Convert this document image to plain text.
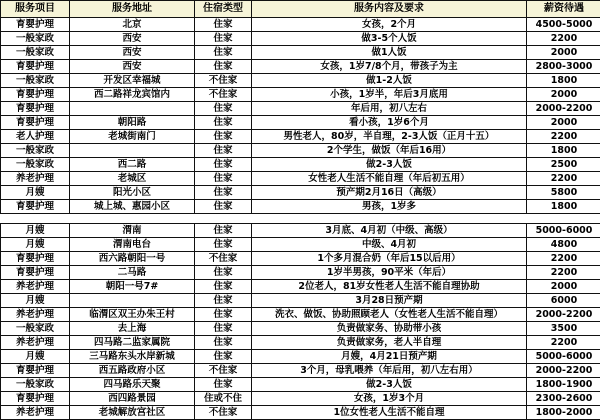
服务项目	服务地址	住宿类型	服务内容及要求	薪资待遇
育婴护理	北京	住家	女孩，2个月	4500-5000
一般家政	西安	住家	做3-5个人饭	2200
一般家政	西安	住家	做1人饭	2000
育婴护理	西安	住家	女孩，1岁7/8个月，带孩子为主	2800-3000
一般家政	开发区幸福城	不住家	做1-2人饭	1800
育婴护理	西二路祥龙宾馆内	不住家	小孩，1岁半，年后3月底用	2000
育婴护理		住家	年后用，初八左右	2000-2200
育婴护理	朝阳路	住家	看小孩，1岁6个月	2000
老人护理	老城街南门	住家	男性老人，80岁，半自理，2-3人饭（正月十五）	2200
一般家政		住家	2个学生，做饭（年后16用）	1800
一般家政	西二路	住家	做2-3人饭	2500
养老护理	老城区	住家	女性老人生活不能自理（年后初五用）	2200
月嫂	阳光小区	住家	预产期2月16日（高级）	5800
育婴护理	城上城、惠园小区	住家	男孩，1岁多	1800
月嫂	渭南	住家	3月底、4月初（中级、高级）	5000-6000
月嫂	渭南电台	住家	中级、4月初	4800
育婴护理	西六路朝阳一号	不住家	1个多月混合奶（年后15以后用）	2200
育婴护理	二马路	住家	1岁半男孩，90平米（年后）	2200
养老护理	朝阳一号7#	住家	2位老人，81岁女性老人生活不能自理协助	2000
月嫂		住家	3月28日预产期	6000
养老护理	临渭区双王办朱王村	住家	洗衣、做饭、协助照顾老人（女性老人生活不能自理）	2000-2200
一般家政	去上海	住家	负责做家务、协助带小孩	3500
养老护理	四马路二监家属院	住家	负责做家务，老人半自理	2200
月嫂	三马路东头水岸新城	住家	月嫂，4月21日预产期	5000-6000
育婴护理	西五路政府小区	不住家	3个月，母乳喂养（年后用，初八左右用）	2000-2200
一般家政	四马路乐天聚	住家	做2-3人饭	1800-1900
育婴护理	西四路景园	住或不住	女孩，1岁3个月	2300-2600
养老护理	老城解放宫社区	不住家	1位女性老人生活不能自理	1800-2000
